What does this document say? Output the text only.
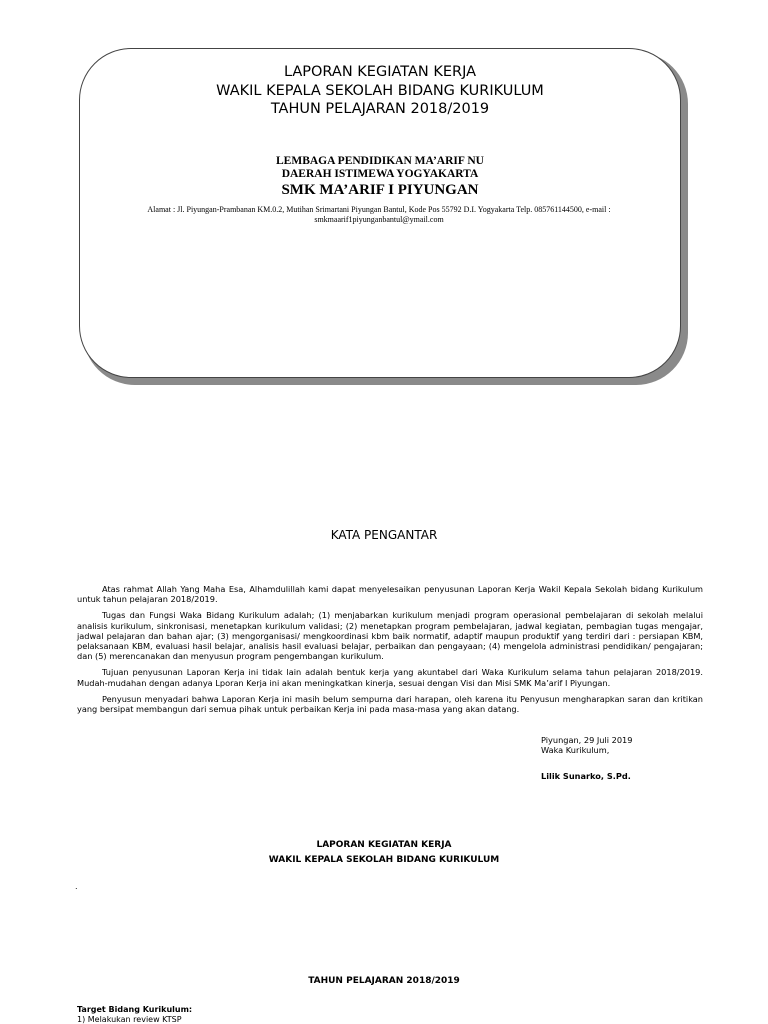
LAPORAN KEGIATAN KERJA
WAKIL KEPALA SEKOLAH BIDANG KURIKULUM
TAHUN PELAJARAN 2018/2019
LEMBAGA PENDIDIKAN MA’ARIF NU
DAERAH ISTIMEWA YOGYAKARTA
SMK MA’ARIF I PIYUNGAN
Alamat : Jl. Piyungan-Prambanan KM.0.2, Mutihan Srimartani Piyungan Bantul, Kode Pos 55792 D.I. Yogyakarta Telp. 085761144500, e-mail :
smkmaarif1piyunganbantul@ymail.com
KATA PENGANTAR

Atas rahmat Allah Yang Maha Esa, Alhamdulillah kami dapat menyelesaikan penyusunan Laporan Kerja Wakil Kepala Sekolah bidang Kurikulum untuk tahun pelajaran 2018/2019.

Tugas dan Fungsi Waka Bidang Kurikulum adalah; (1) menjabarkan kurikulum menjadi program operasional pembelajaran di sekolah melalui analisis kurikulum, sinkronisasi, menetapkan kurikulum validasi; (2) menetapkan program pembelajaran, jadwal kegiatan, pembagian tugas mengajar, jadwal pelajaran dan bahan ajar; (3) mengorganisasi/ mengkoordinasi kbm baik normatif, adaptif maupun produktif yang terdiri dari : persiapan KBM, pelaksanaan KBM, evaluasi hasil belajar, analisis hasil evaluasi belajar, perbaikan dan pengayaan; (4) mengelola administrasi pendidikan/ pengajaran; dan (5) merencanakan dan menyusun program pengembangan kurikulum.

Tujuan penyusunan Laporan Kerja ini tidak lain adalah bentuk kerja yang akuntabel dari Waka Kurikulum selama tahun pelajaran 2018/2019. Mudah-mudahan dengan adanya Lporan Kerja ini akan meningkatkan kinerja, sesuai dengan Visi dan Misi SMK Ma’arif I Piyungan.

Penyusun menyadari bahwa Laporan Kerja ini masih belum sempurna dari harapan, oleh karena itu Penyusun mengharapkan saran dan kritikan yang bersipat membangun dari semua pihak untuk perbaikan Kerja ini pada masa-masa yang akan datang.

Piyungan, 29 Juli 2019
Waka Kurikulum,
Lilik Sunarko, S.Pd.
LAPORAN KEGIATAN KERJA
WAKIL KEPALA SEKOLAH BIDANG KURIKULUM
.
TAHUN PELAJARAN 2018/2019
Target Bidang Kurikulum:
1) Melakukan review KTSP
